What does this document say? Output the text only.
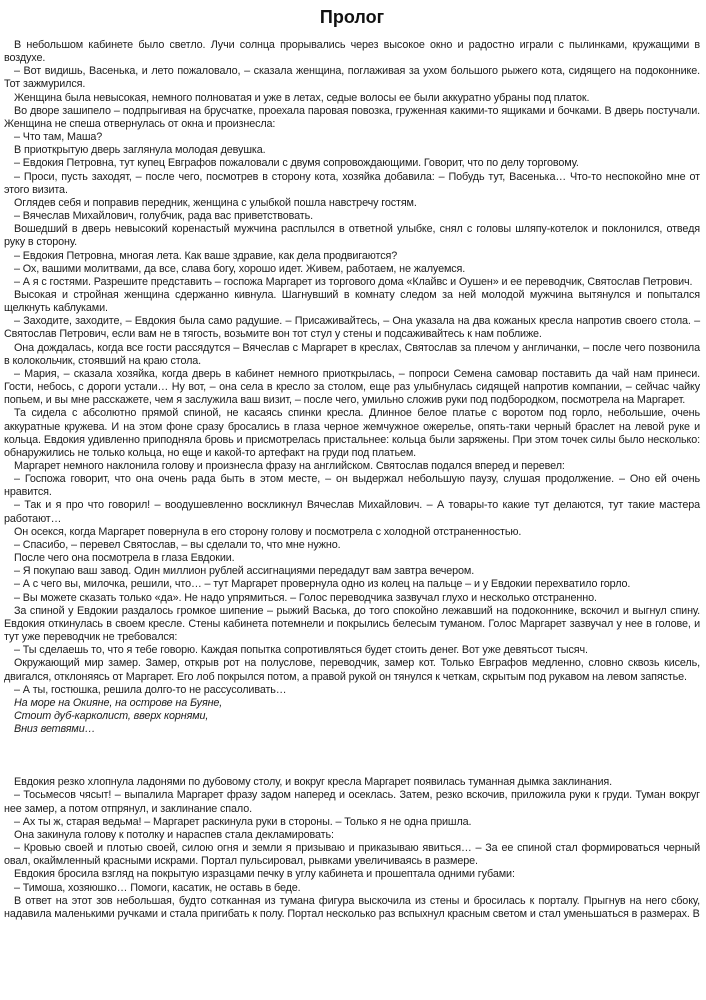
Пролог

В небольшом кабинете было светло. Лучи солнца прорывались через высокое окно и радостно играли с пылинками, кружащими в воздухе.

– Вот видишь, Васенька, и лето пожаловало, – сказала женщина, поглаживая за ухом большого рыжего кота, сидящего на подоконнике. Тот зажмурился.

Женщина была невысокая, немного полноватая и уже в летах, седые волосы ее были аккуратно убраны под платок.

Во дворе зашипело – подпрыгивая на брусчатке, проехала паровая повозка, груженная какими-то ящиками и бочками. В дверь постучали. Женщина не спеша отвернулась от окна и произнесла:

– Что там, Маша?

В приоткрытую дверь заглянула молодая девушка.

– Евдокия Петровна, тут купец Евграфов пожаловали с двумя сопровождающими. Говорит, что по делу торговому.

– Проси, пусть заходят, – после чего, посмотрев в сторону кота, хозяйка добавила: – Побудь тут, Васенька… Что-то неспокойно мне от этого визита.

Оглядев себя и поправив передник, женщина с улыбкой пошла навстречу гостям.

– Вячеслав Михайлович, голубчик, рада вас приветствовать.

Вошедший в дверь невысокий коренастый мужчина расплылся в ответной улыбке, снял с головы шляпу-котелок и поклонился, отведя руку в сторону.

– Евдокия Петровна, многая лета. Как ваше здравие, как дела продвигаются?

– Ох, вашими молитвами, да все, слава богу, хорошо идет. Живем, работаем, не жалуемся.

– А я с гостями. Разрешите представить – госпожа Маргарет из торгового дома «Клайвс и Оушен» и ее переводчик, Святослав Петрович.

Высокая и стройная женщина сдержанно кивнула. Шагнувший в комнату следом за ней молодой мужчина вытянулся и попытался щелкнуть каблуками.

– Заходите, заходите, – Евдокия была само радушие. – Присаживайтесь, – Она указала на два кожаных кресла напротив своего стола. – Святослав Петрович, если вам не в тягость, возьмите вон тот стул у стены и подсаживайтесь к нам поближе.

Она дождалась, когда все гости рассядутся – Вячеслав с Маргарет в креслах, Святослав за плечом у англичанки, – после чего позвонила в колокольчик, стоявший на краю стола.

– Мария, – сказала хозяйка, когда дверь в кабинет немного приоткрылась, – попроси Семена самовар поставить да чай нам принеси. Гости, небось, с дороги устали… Ну вот, – она села в кресло за столом, еще раз улыбнулась сидящей напротив компании, – сейчас чайку попьем, и вы мне расскажете, чем я заслужила ваш визит, – после чего, умильно сложив руки под подбородком, посмотрела на Маргарет.

Та сидела с абсолютно прямой спиной, не касаясь спинки кресла. Длинное белое платье с воротом под горло, небольшие, очень аккуратные кружева. И на этом фоне сразу бросались в глаза черное жемчужное ожерелье, опять-таки черный браслет на левой руке и кольца. Евдокия удивленно приподняла бровь и присмотрелась пристальнее: кольца были заряжены. При этом точек силы было несколько: обнаружились не только кольца, но еще и какой-то артефакт на груди под платьем.

Маргарет немного наклонила голову и произнесла фразу на английском. Святослав подался вперед и перевел:

– Госпожа говорит, что она очень рада быть в этом месте, – он выдержал небольшую паузу, слушая продолжение. – Оно ей очень нравится.

– Так и я про что говорил! – воодушевленно воскликнул Вячеслав Михайлович. – А товары-то какие тут делаются, тут такие мастера работают…

Он осекся, когда Маргарет повернула в его сторону голову и посмотрела с холодной отстраненностью.

– Спасибо, – перевел Святослав, – вы сделали то, что мне нужно.

После чего она посмотрела в глаза Евдокии.

– Я покупаю ваш завод. Один миллион рублей ассигнациями передадут вам завтра вечером.

– А с чего вы, милочка, решили, что… – тут Маргарет провернула одно из колец на пальце – и у Евдокии перехватило горло.

– Вы можете сказать только «да». Не надо упрямиться. – Голос переводчика зазвучал глухо и несколько отстраненно.

За спиной у Евдокии раздалось громкое шипение – рыжий Васька, до того спокойно лежавший на подоконнике, вскочил и выгнул спину. Евдокия откинулась в своем кресле. Стены кабинета потемнели и покрылись белесым туманом. Голос Маргарет зазвучал у нее в голове, и тут уже переводчик не требовался:

– Ты сделаешь то, что я тебе говорю. Каждая попытка сопротивляться будет стоить денег. Вот уже девятьсот тысяч.

Окружающий мир замер. Замер, открыв рот на полуслове, переводчик, замер кот. Только Евграфов медленно, словно сквозь кисель, двигался, отклоняясь от Маргарет. Его лоб покрылся потом, а правой рукой он тянулся к четкам, скрытым под рукавом на левом запястье.

– А ты, гостюшка, решила долго-то не рассусоливать…

На море на Окияне, на острове на Буяне,

Стоит дуб-карколист, вверх корнями,

Вниз ветвями…

Евдокия резко хлопнула ладонями по дубовому столу, и вокруг кресла Маргарет появилась туманная дымка заклинания.

– Тосьмесов чясыт! – выпалила Маргарет фразу задом наперед и осеклась. Затем, резко вскочив, приложила руки к груди. Туман вокруг нее замер, а потом отпрянул, и заклинание спало.

– Ах ты ж, старая ведьма! – Маргарет раскинула руки в стороны. – Только я не одна пришла.

Она закинула голову к потолку и нараспев стала декламировать:

– Кровью своей и плотью своей, силою огня и земли я призываю и приказываю явиться… – За ее спиной стал формироваться черный овал, окаймленный красными искрами. Портал пульсировал, рывками увеличиваясь в размере.

Евдокия бросила взгляд на покрытую изразцами печку в углу кабинета и прошептала одними губами:

– Тимоша, хозяюшко… Помоги, касатик, не оставь в беде.

В ответ на этот зов небольшая, будто сотканная из тумана фигура выскочила из стены и бросилась к порталу. Прыгнув на него сбоку, надавила маленькими ручками и стала пригибать к полу. Портал несколько раз вспыхнул красным светом и стал уменьшаться в размерах. В
